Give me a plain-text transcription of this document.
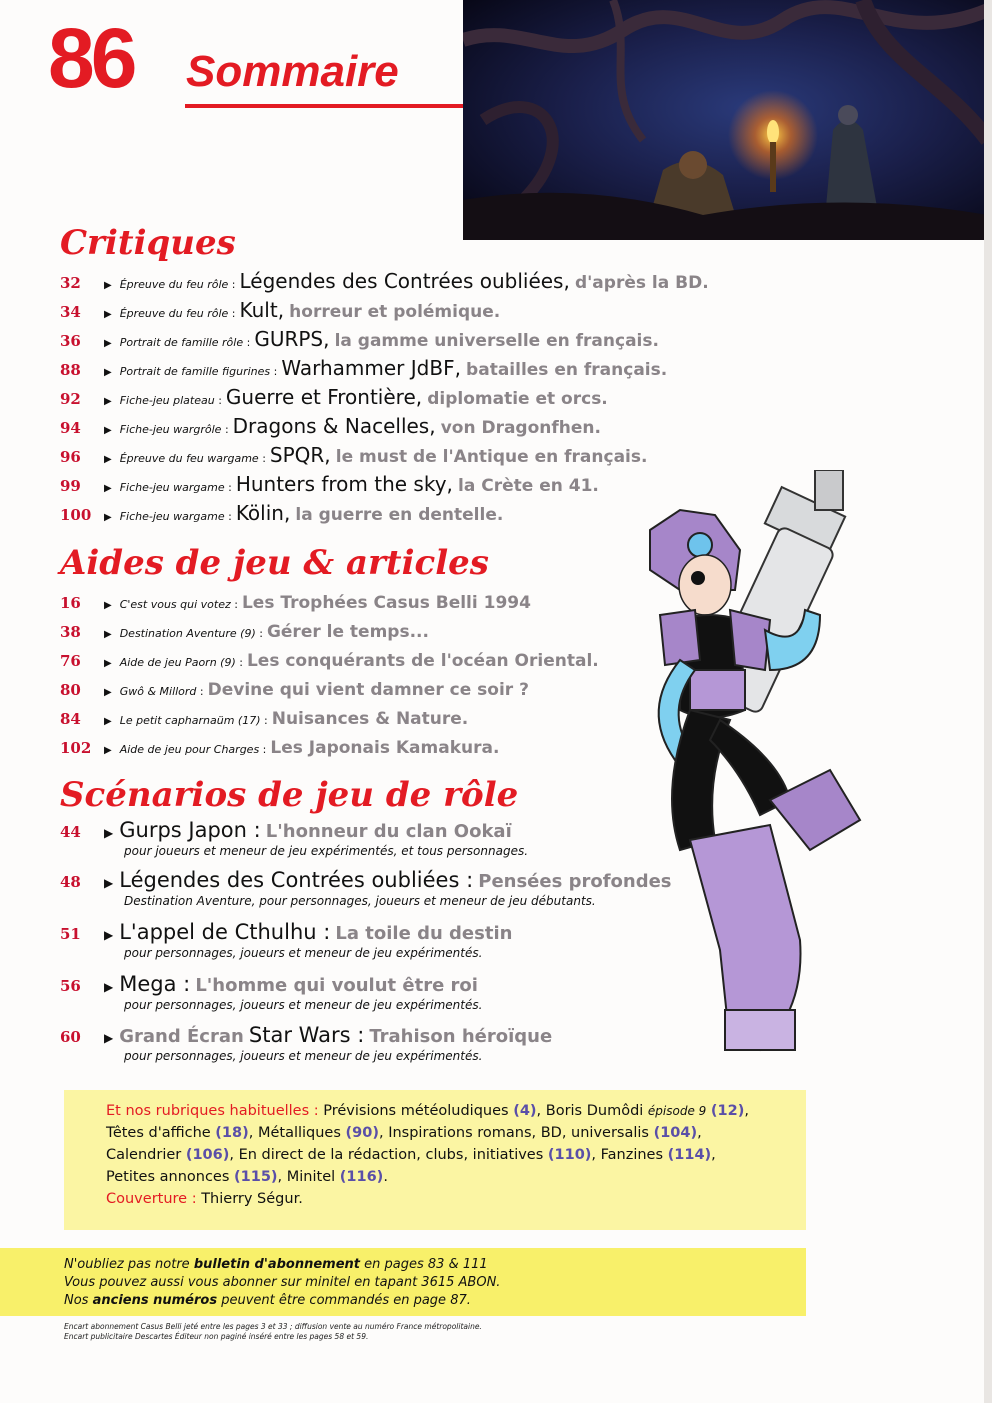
86 Sommaire
Critiques
32 ▶ Épreuve du feu rôle : Légendes des Contrées oubliées, d'après la BD.
34 ▶ Épreuve du feu rôle : Kult, horreur et polémique.
36 ▶ Portrait de famille rôle : GURPS, la gamme universelle en français.
88 ▶ Portrait de famille figurines : Warhammer JdBF, batailles en français.
92 ▶ Fiche-jeu plateau : Guerre et Frontière, diplomatie et orcs.
94 ▶ Fiche-jeu wargrôle : Dragons & Nacelles, von Dragonfhen.
96 ▶ Épreuve du feu wargame : SPQR, le must de l'Antique en français.
99 ▶ Fiche-jeu wargame : Hunters from the sky, la Crète en 41.
100 ▶ Fiche-jeu wargame : Kölin, la guerre en dentelle.
Aides de jeu & articles
16 ▶ C'est vous qui votez : Les Trophées Casus Belli 1994
38 ▶ Destination Aventure (9) : Gérer le temps...
76 ▶ Aide de jeu Paorn (9) : Les conquérants de l'océan Oriental.
80 ▶ Gwô & Millord : Devine qui vient damner ce soir ?
84 ▶ Le petit capharnaüm (17) : Nuisances & Nature.
102 ▶ Aide de jeu pour Charges : Les Japonais Kamakura.
Scénarios de jeu de rôle
44 ▶ Gurps Japon : L'honneur du clan Ookaï
pour joueurs et meneur de jeu expérimentés, et tous personnages.
48 ▶ Légendes des Contrées oubliées : Pensées profondes
Destination Aventure, pour personnages, joueurs et meneur de jeu débutants.
51 ▶ L'appel de Cthulhu : La toile du destin
pour personnages, joueurs et meneur de jeu expérimentés.
56 ▶ Mega : L'homme qui voulut être roi
pour personnages, joueurs et meneur de jeu expérimentés.
60 ▶ Grand Écran Star Wars : Trahison héroïque
pour personnages, joueurs et meneur de jeu expérimentés.
Et nos rubriques habituelles : Prévisions météoludiques (4), Boris Dumôdi épisode 9 (12),
Têtes d'affiche (18), Métalliques (90), Inspirations romans, BD, universalis (104),
Calendrier (106), En direct de la rédaction, clubs, initiatives (110), Fanzines (114),
Petites annonces (115), Minitel (116).
Couverture : Thierry Ségur.
N'oubliez pas notre bulletin d'abonnement en pages 83 & 111
Vous pouvez aussi vous abonner sur minitel en tapant 3615 ABON.
Nos anciens numéros peuvent être commandés en page 87.
Encart abonnement Casus Belli jeté entre les pages 3 et 33 ; diffusion vente au numéro France métropolitaine.
Encart publicitaire Descartes Éditeur non paginé inséré entre les pages 58 et 59.
